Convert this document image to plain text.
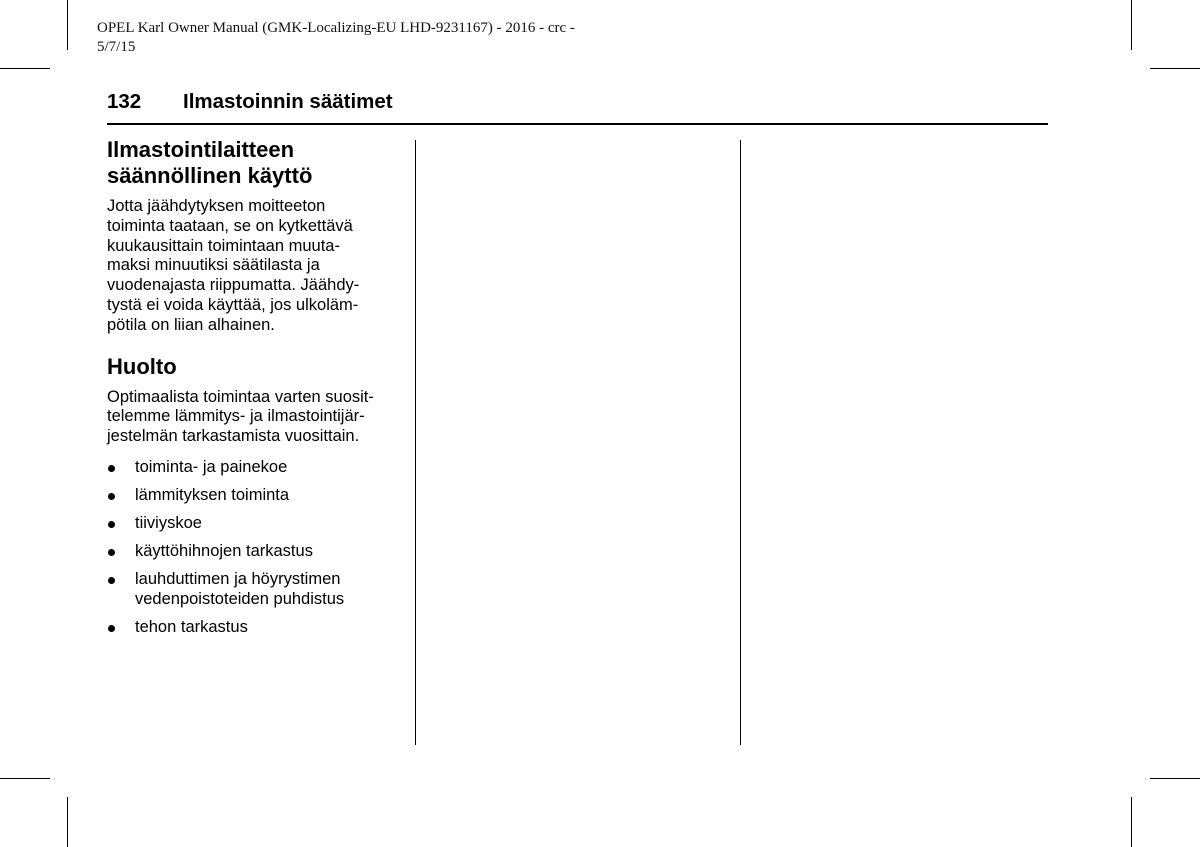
OPEL Karl Owner Manual (GMK-Localizing-EU LHD-9231167) - 2016 - crc -
5/7/15
132 Ilmastoinnin säätimet
Ilmastointilaitteen
säännöllinen käyttö

Jotta jäähdytyksen moitteeton
toiminta taataan, se on kytkettävä
kuukausittain toimintaan muuta-
maksi minuutiksi säätilasta ja
vuodenajasta riippumatta. Jäähdy-
tystä ei voida käyttää, jos ulkoläm-
pötila on liian alhainen.

Huolto

Optimaalista toimintaa varten suosit-
telemme lämmitys- ja ilmastointijär-
jestelmän tarkastamista vuosittain.

toiminta- ja painekoe
lämmityksen toiminta
tiiviyskoe
käyttöhihnojen tarkastus
lauhduttimen ja höyrystimen
vedenpoistoteiden puhdistus
tehon tarkastus
